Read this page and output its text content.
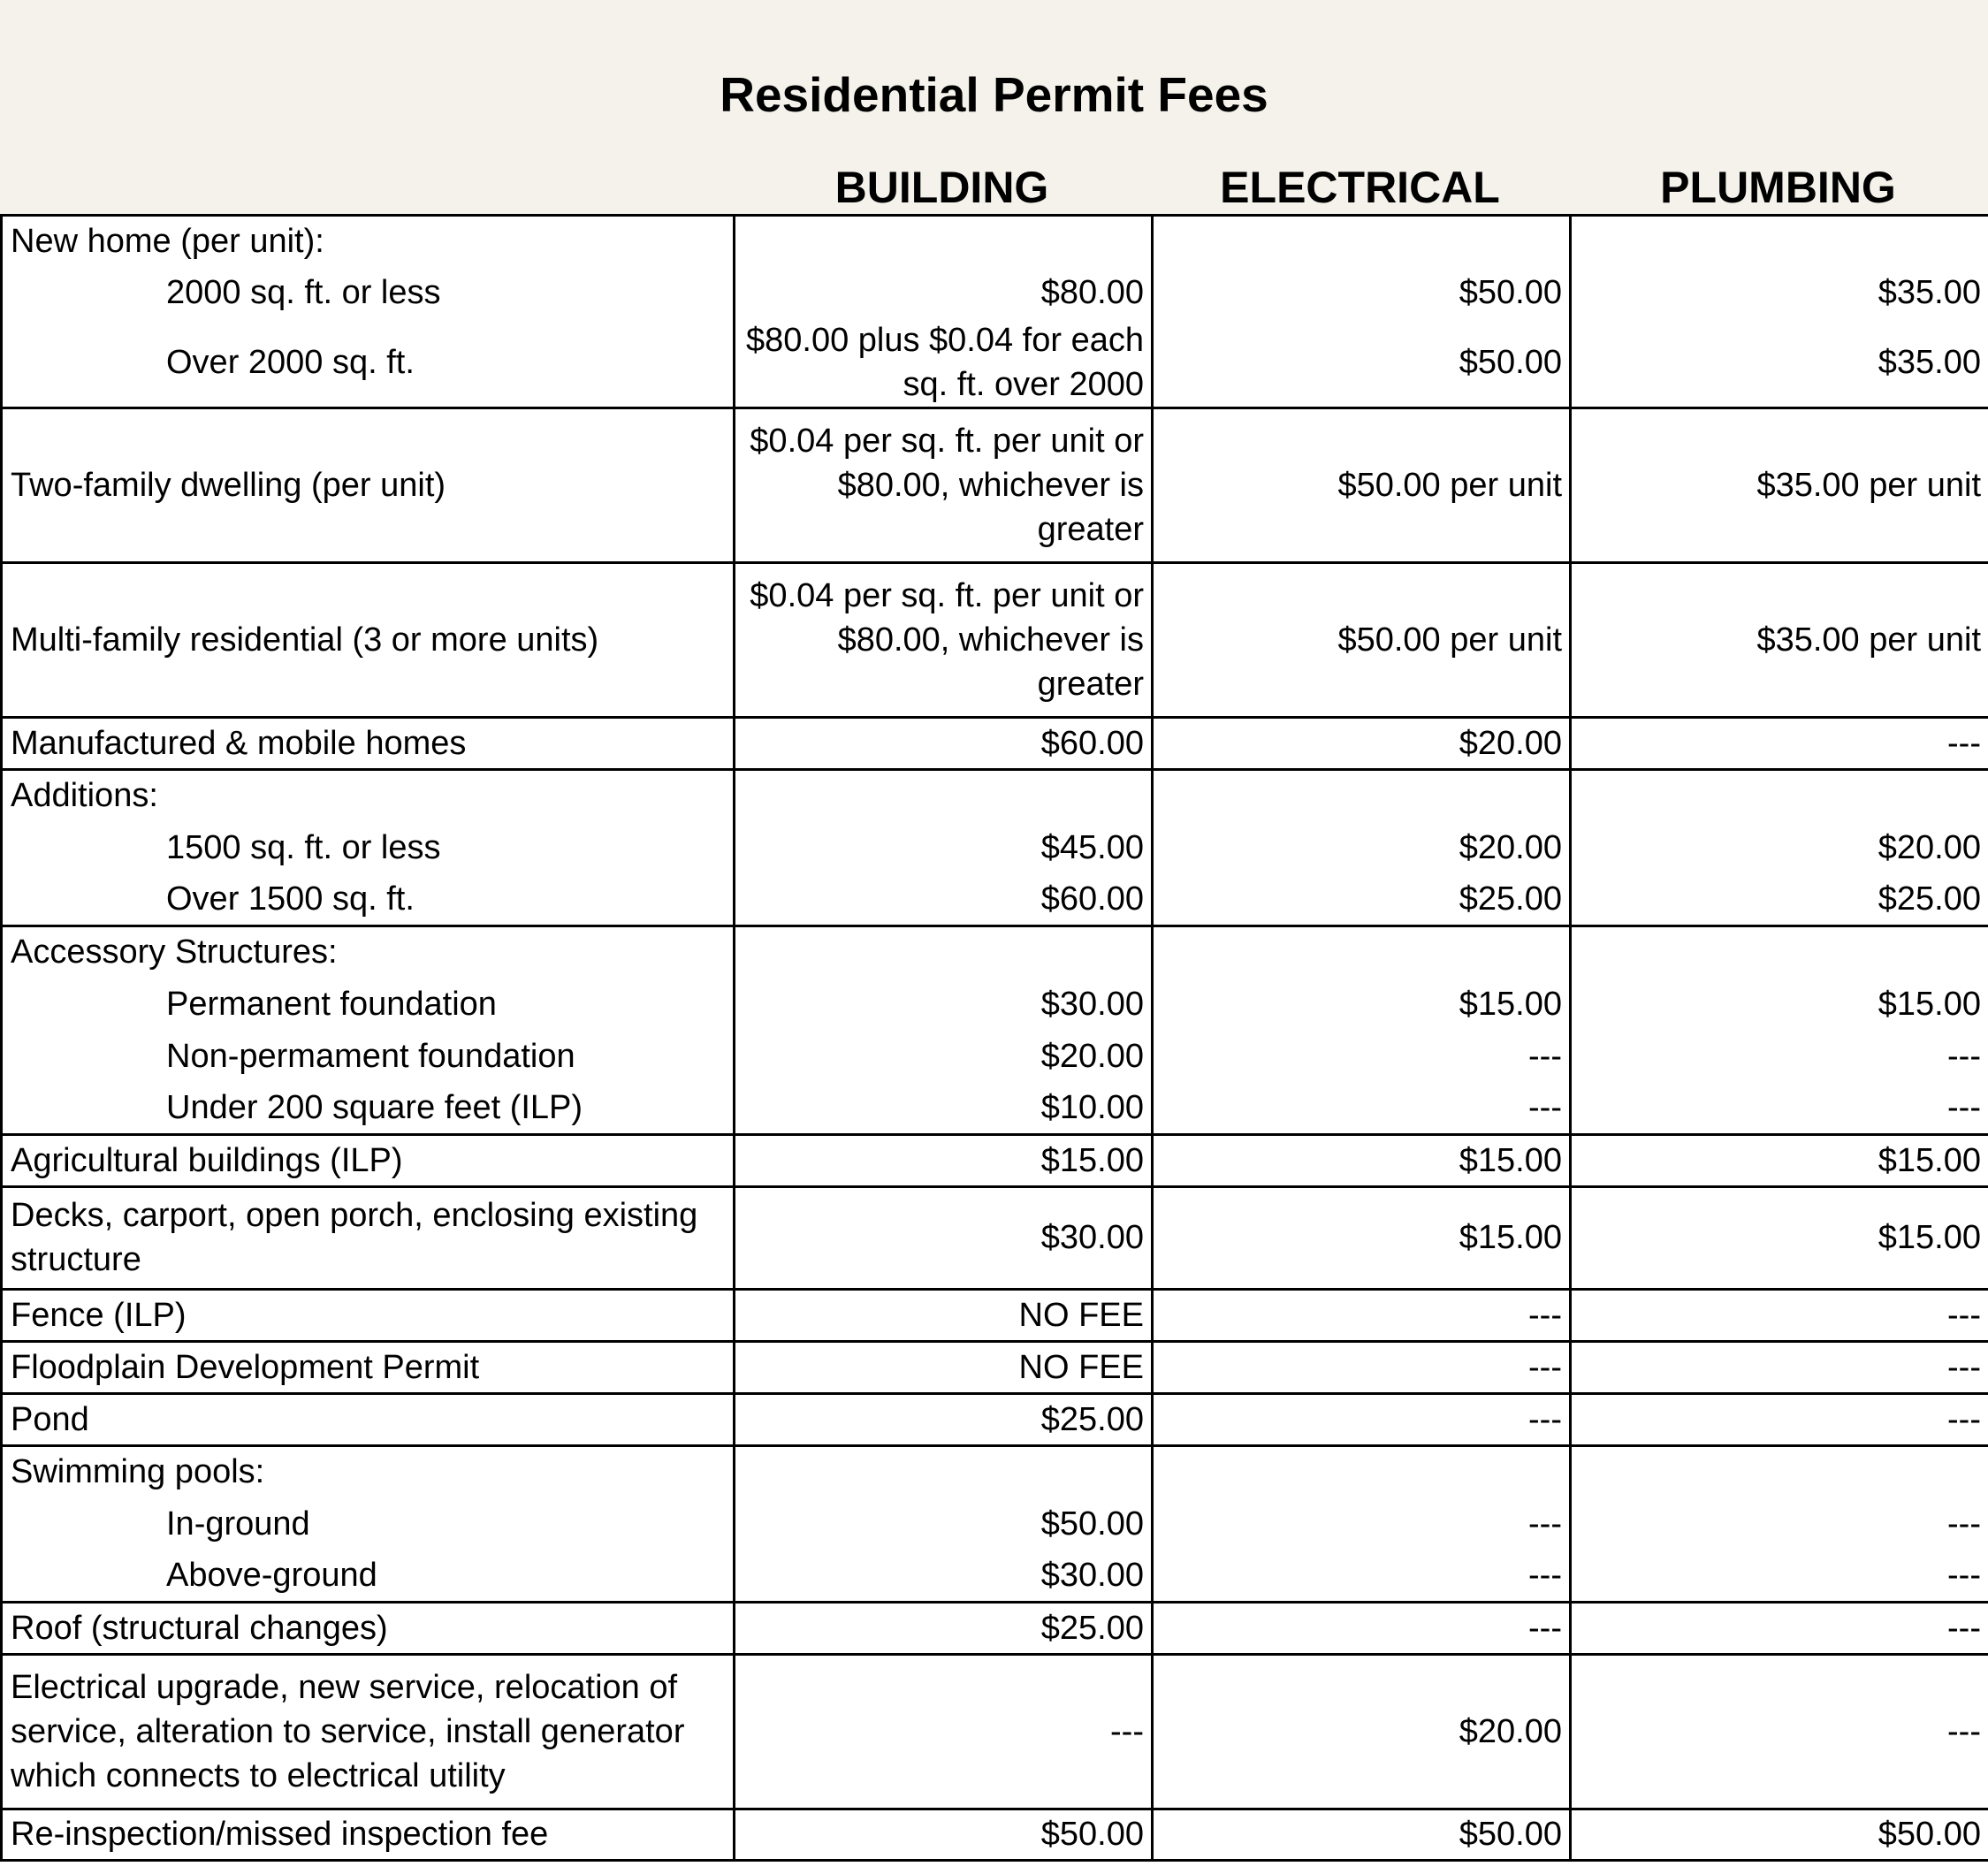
Residential Permit Fees
BUILDING	ELECTRICAL	PLUMBING
New home (per unit):			
2000 sq. ft. or less	$80.00	$50.00	$35.00
Over 2000 sq. ft.	$80.00 plus $0.04 for each sq. ft. over 2000	$50.00	$35.00
Two-family dwelling (per unit)	$0.04 per sq. ft. per unit or $80.00, whichever is greater	$50.00 per unit	$35.00 per unit
Multi-family residential (3 or more units)	$0.04 per sq. ft. per unit or $80.00, whichever is greater	$50.00 per unit	$35.00 per unit
Manufactured & mobile homes	$60.00	$20.00	---
Additions:			
1500 sq. ft. or less	$45.00	$20.00	$20.00
Over 1500 sq. ft.	$60.00	$25.00	$25.00
Accessory Structures:			
Permanent foundation	$30.00	$15.00	$15.00
Non-permament foundation	$20.00	---	---
Under 200 square feet (ILP)	$10.00	---	---
Agricultural buildings (ILP)	$15.00	$15.00	$15.00
Decks, carport, open porch, enclosing existing structure	$30.00	$15.00	$15.00
Fence (ILP)	NO FEE	---	---
Floodplain Development Permit	NO FEE	---	---
Pond	$25.00	---	---
Swimming pools:			
In-ground	$50.00	---	---
Above-ground	$30.00	---	---
Roof (structural changes)	$25.00	---	---
Electrical upgrade, new service, relocation of service, alteration to service, install generator which connects to electrical utility	---	$20.00	---
Re-inspection/missed inspection fee	$50.00	$50.00	$50.00
